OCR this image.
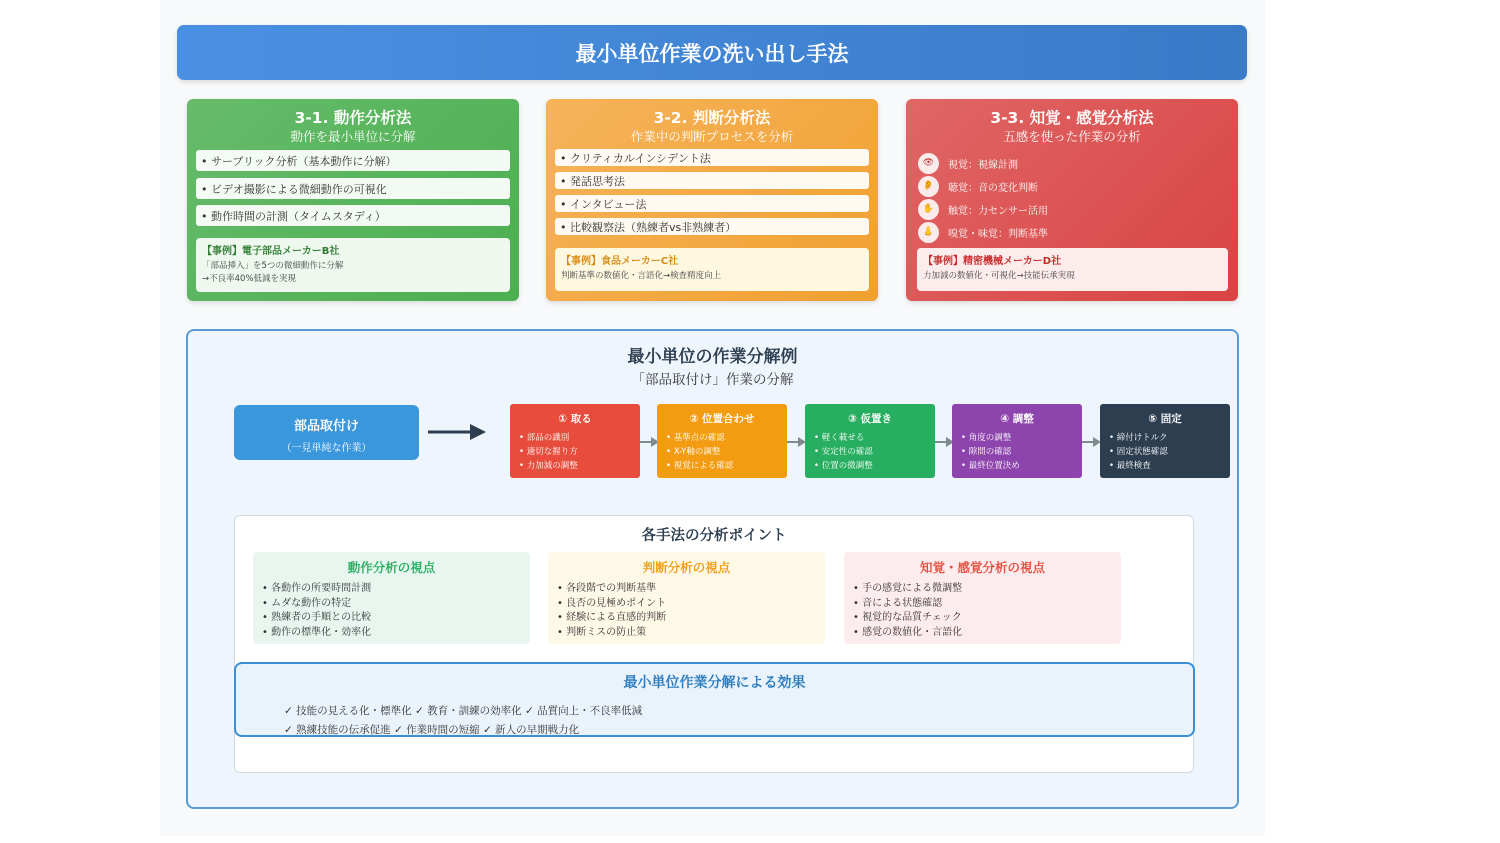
最小単位作業の洗い出し手法
3-1. 動作分析法
動作を最小単位に分解
• サーブリック分析（基本動作に分解）
• ビデオ撮影による微細動作の可視化
• 動作時間の計測（タイムスタディ）
【事例】電子部品メーカーB社
「部品挿入」を5つの微細動作に分解
→不良率40%低減を実現
3-2. 判断分析法
作業中の判断プロセスを分析
• クリティカルインシデント法
• 発話思考法
• インタビュー法
• 比較観察法（熟練者vs非熟練者）
【事例】食品メーカーC社
判断基準の数値化・言語化→検査精度向上
3-3. 知覚・感覚分析法
五感を使った作業の分析
👁	視覚：視線計測
👂	聴覚：音の変化判断
✋	触覚：力センサー活用
👃	嗅覚・味覚：判断基準
【事例】精密機械メーカーD社
力加減の数値化・可視化→技能伝承実現
最小単位の作業分解例
「部品取付け」作業の分解
部品取付け
（一見単純な作業）
① 取る
• 部品の識別
• 適切な握り方
• 力加減の調整
② 位置合わせ
• 基準点の確認
• X-Y軸の調整
• 視覚による確認
③ 仮置き
• 軽く載せる
• 安定性の確認
• 位置の微調整
④ 調整
• 角度の調整
• 隙間の確認
• 最終位置決め
⑤ 固定
• 締付けトルク
• 固定状態確認
• 最終検査
各手法の分析ポイント
動作分析の視点
• 各動作の所要時間計測
• ムダな動作の特定
• 熟練者の手順との比較
• 動作の標準化・効率化
判断分析の視点
• 各段階での判断基準
• 良否の見極めポイント
• 経験による直感的判断
• 判断ミスの防止策
知覚・感覚分析の視点
• 手の感覚による微調整
• 音による状態確認
• 視覚的な品質チェック
• 感覚の数値化・言語化
最小単位作業分解による効果
✓ 技能の見える化・標準化 ✓ 教育・訓練の効率化 ✓ 品質向上・不良率低減
✓ 熟練技能の伝承促進 ✓ 作業時間の短縮 ✓ 新人の早期戦力化
